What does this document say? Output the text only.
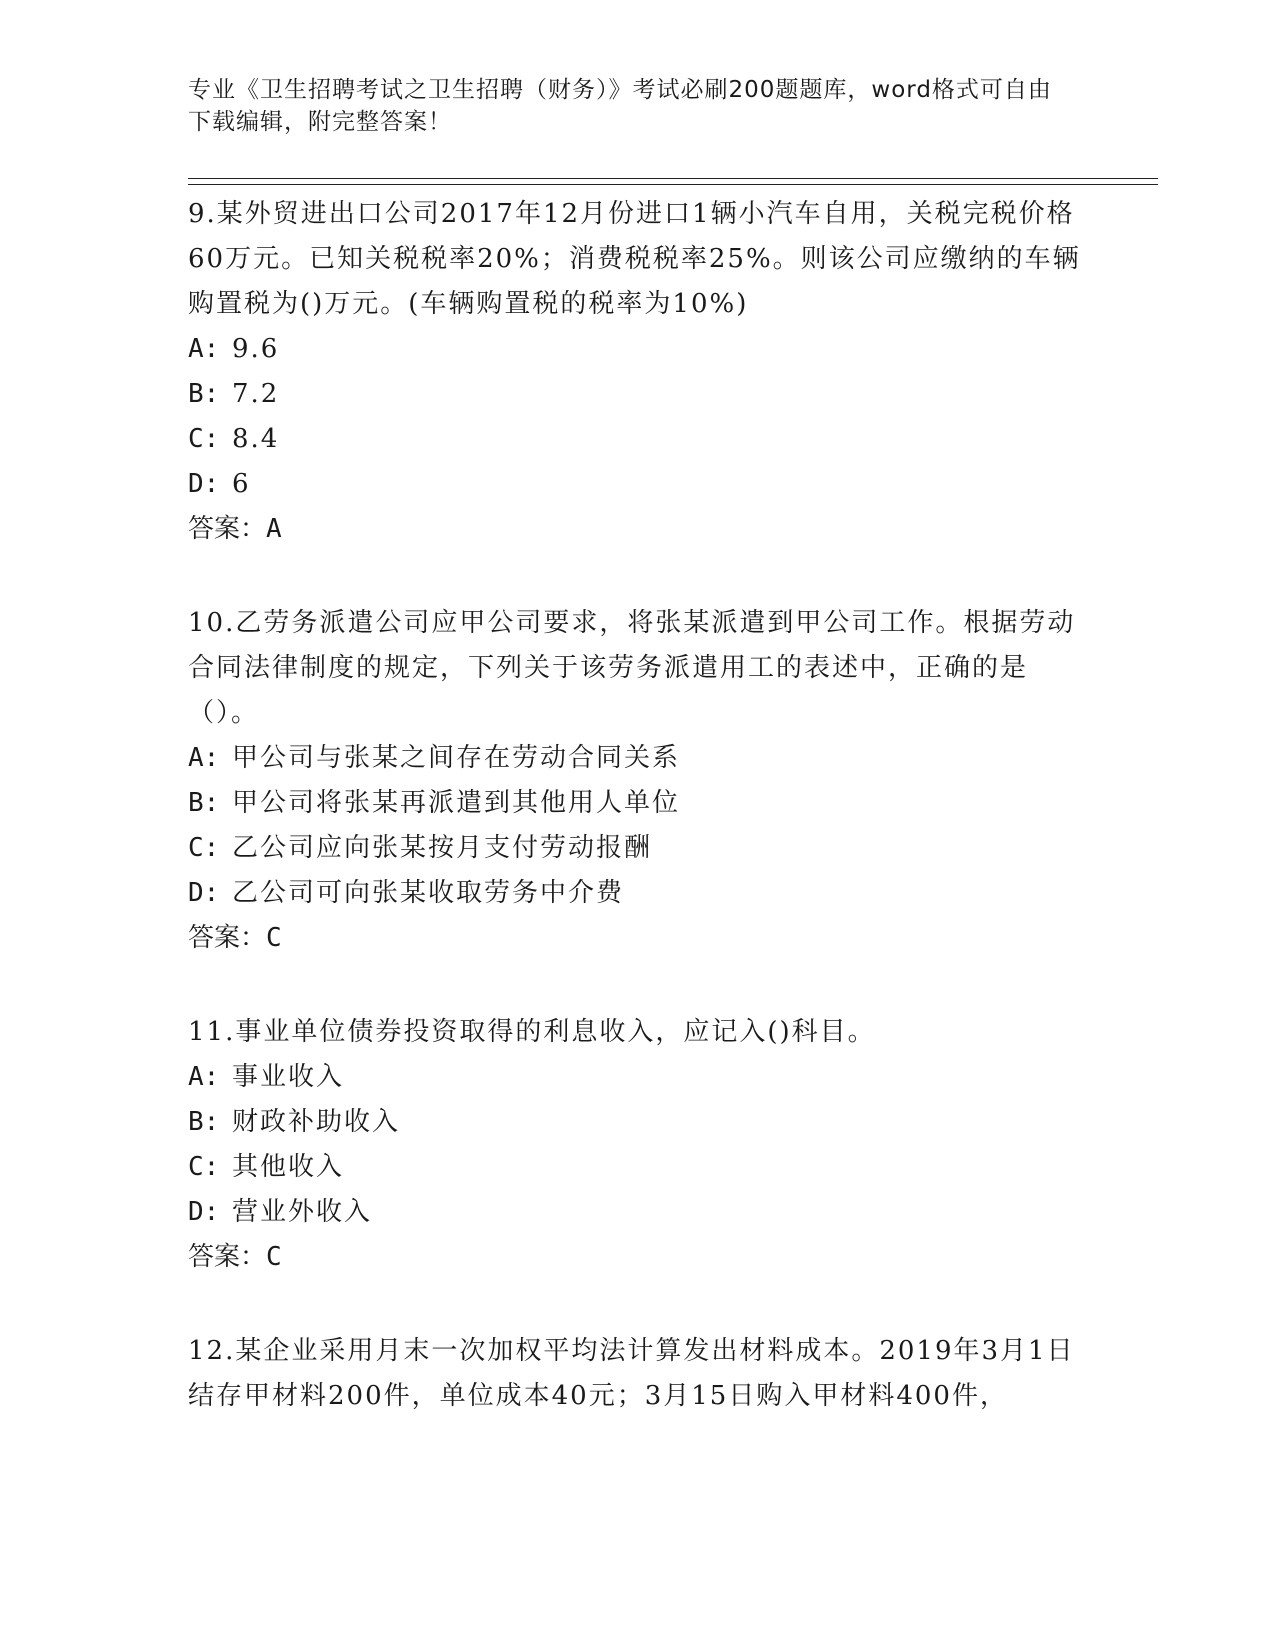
专业《卫生招聘考试之卫生招聘（财务）》考试必刷200题题库，word格式可自由下载编辑，附完整答案！

9.某外贸进出口公司2017年12月份进口1辆小汽车自用，关税完税价格60万元。已知关税税率20%；消费税税率25%。则该公司应缴纳的车辆购置税为()万元。(车辆购置税的税率为10%)

A: 9.6

B: 7.2

C: 8.4

D: 6

答案：A

10.乙劳务派遣公司应甲公司要求，将张某派遣到甲公司工作。根据劳动合同法律制度的规定，下列关于该劳务派遣用工的表述中，正确的是（）。

A: 甲公司与张某之间存在劳动合同关系

B: 甲公司将张某再派遣到其他用人单位

C: 乙公司应向张某按月支付劳动报酬

D: 乙公司可向张某收取劳务中介费

答案：C

11.事业单位债券投资取得的利息收入，应记入()科目。

A: 事业收入

B: 财政补助收入

C: 其他收入

D: 营业外收入

答案：C

12.某企业采用月末一次加权平均法计算发出材料成本。2019年3月1日结存甲材料200件，单位成本40元；3月15日购入甲材料400件，
